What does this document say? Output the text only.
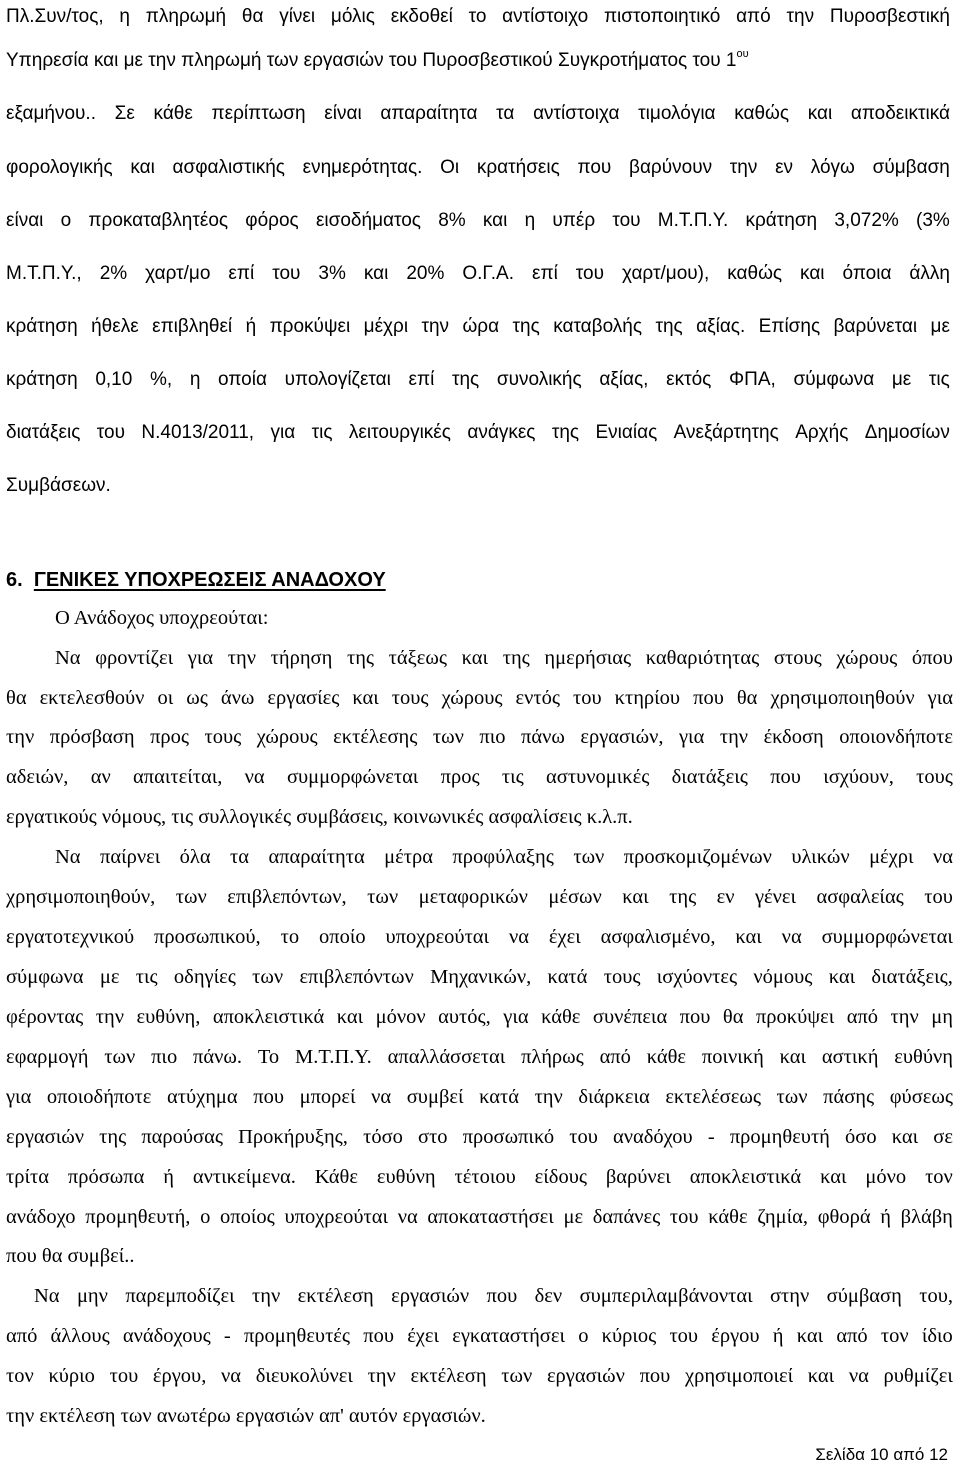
Πλ.Συν/τος, η πληρωμή θα γίνει μόλις εκδοθεί το αντίστοιχο πιστοποιητικό από την Πυροσβεστική
Υπηρεσία και με την πληρωμή των εργασιών του Πυροσβεστικού Συγκροτήματος του $1^{o\upsilon}$
εξαμήνου.. Σε κάθε περίπτωση είναι απαραίτητα τα αντίστοιχα τιμολόγια καθώς και αποδεικτικά
φορολογικής και ασφαλιστικής ενημερότητας. Οι κρατήσεις που βαρύνουν την εν λόγω σύμβαση
είναι ο προκαταβλητέος φόρος εισοδήματος 8% και η υπέρ του Μ.Τ.Π.Υ. κράτηση 3,072% (3%
Μ.Τ.Π.Υ., 2% χαρτ/μο επί του 3% και 20% Ο.Γ.Α. επί του χαρτ/μου), καθώς και όποια άλλη
κράτηση ήθελε επιβληθεί ή προκύψει μέχρι την ώρα της καταβολής της αξίας. Επίσης βαρύνεται με
κράτηση 0,10 %, η οποία υπολογίζεται επί της συνολικής αξίας, εκτός ΦΠΑ, σύμφωνα με τις
διατάξεις του Ν.4013/2011, για τις λειτουργικές ανάγκες της Ενιαίας Ανεξάρτητης Αρχής Δημοσίων
Συμβάσεων.
6. ΓΕΝΙΚΕΣ ΥΠΟΧΡΕΩΣΕΙΣ ΑΝΑΔΟΧΟΥ
Ο Ανάδοχος υποχρεούται:
Να φροντίζει για την τήρηση της τάξεως και της ημερήσιας καθαριότητας στους χώρους όπου
θα εκτελεσθούν οι ως άνω εργασίες και τους χώρους εντός του κτηρίου που θα χρησιμοποιηθούν για
την πρόσβαση προς τους χώρους εκτέλεσης των πιο πάνω εργασιών, για την έκδοση οποιονδήποτε
αδειών, αν απαιτείται, να συμμορφώνεται προς τις αστυνομικές διατάξεις που ισχύουν, τους
εργατικούς νόμους, τις συλλογικές συμβάσεις, κοινωνικές ασφαλίσεις κ.λ.π.
Να παίρνει όλα τα απαραίτητα μέτρα προφύλαξης των προσκομιζομένων υλικών μέχρι να
χρησιμοποιηθούν, των επιβλεπόντων, των μεταφορικών μέσων και της εν γένει ασφαλείας του
εργατοτεχνικού προσωπικού, το οποίο υποχρεούται να έχει ασφαλισμένο, και να συμμορφώνεται
σύμφωνα με τις οδηγίες των επιβλεπόντων Μηχανικών, κατά τους ισχύοντες νόμους και διατάξεις,
φέροντας την ευθύνη, αποκλειστικά και μόνον αυτός, για κάθε συνέπεια που θα προκύψει από την μη
εφαρμογή των πιο πάνω. Το Μ.Τ.Π.Υ. απαλλάσσεται πλήρως από κάθε ποινική και αστική ευθύνη
για οποιοδήποτε ατύχημα που μπορεί να συμβεί κατά την διάρκεια εκτελέσεως των πάσης φύσεως
εργασιών της παρούσας Προκήρυξης, τόσο στο προσωπικό του αναδόχου - προμηθευτή όσο και σε
τρίτα πρόσωπα ή αντικείμενα. Κάθε ευθύνη τέτοιου είδους βαρύνει αποκλειστικά και μόνο τον
ανάδοχο προμηθευτή, ο οποίος υποχρεούται να αποκαταστήσει με δαπάνες του κάθε ζημία, φθορά ή βλάβη
που θα συμβεί..
Να μην παρεμποδίζει την εκτέλεση εργασιών που δεν συμπεριλαμβάνονται στην σύμβαση του,
από άλλους ανάδοχους - προμηθευτές που έχει εγκαταστήσει ο κύριος του έργου ή και από τον ίδιο
τον κύριο του έργου, να διευκολύνει την εκτέλεση των εργασιών που χρησιμοποιεί και να ρυθμίζει
την εκτέλεση των ανωτέρω εργασιών απ' αυτόν εργασιών.
Σελίδα 10 από 12
